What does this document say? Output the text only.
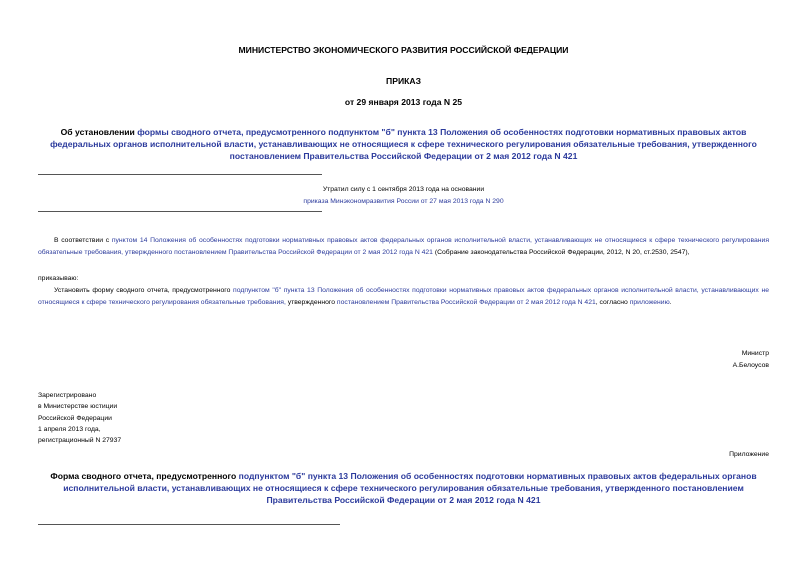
МИНИСТЕРСТВО ЭКОНОМИЧЕСКОГО РАЗВИТИЯ РОССИЙСКОЙ ФЕДЕРАЦИИ
ПРИКАЗ
от 29 января 2013 года N 25
Об установлении формы сводного отчета, предусмотренного подпунктом "б" пункта 13 Положения об особенностях подготовки нормативных правовых актов федеральных органов исполнительной власти, устанавливающих не относящиеся к сфере технического регулирования обязательные требования, утвержденного постановлением Правительства Российской Федерации от 2 мая 2012 года N 421
Утратил силу с 1 сентября 2013 года на основании
приказа Минэкономразвития России от 27 мая 2013 года N 290
В соответствии с пунктом 14 Положения об особенностях подготовки нормативных правовых актов федеральных органов исполнительной власти, устанавливающих не относящиеся к сфере технического регулирования обязательные требования, утвержденного постановлением Правительства Российской Федерации от 2 мая 2012 года N 421 (Собрание законодательства Российской Федерации, 2012, N 20, ст.2530, 2547),
приказываю:
Установить форму сводного отчета, предусмотренного подпунктом "б" пункта 13 Положения об особенностях подготовки нормативных правовых актов федеральных органов исполнительной власти, устанавливающих не относящиеся к сфере технического регулирования обязательные требования, утвержденного постановлением Правительства Российской Федерации от 2 мая 2012 года N 421, согласно приложению.
Министр
А.Белоусов
Зарегистрировано
в Министерстве юстиции
Российской Федерации
1 апреля 2013 года,
регистрационный N 27937
Приложение
Форма сводного отчета, предусмотренного подпунктом "б" пункта 13 Положения об особенностях подготовки нормативных правовых актов федеральных органов исполнительной власти, устанавливающих не относящиеся к сфере технического регулирования обязательные требования, утвержденного постановлением Правительства Российской Федерации от 2 мая 2012 года N 421
